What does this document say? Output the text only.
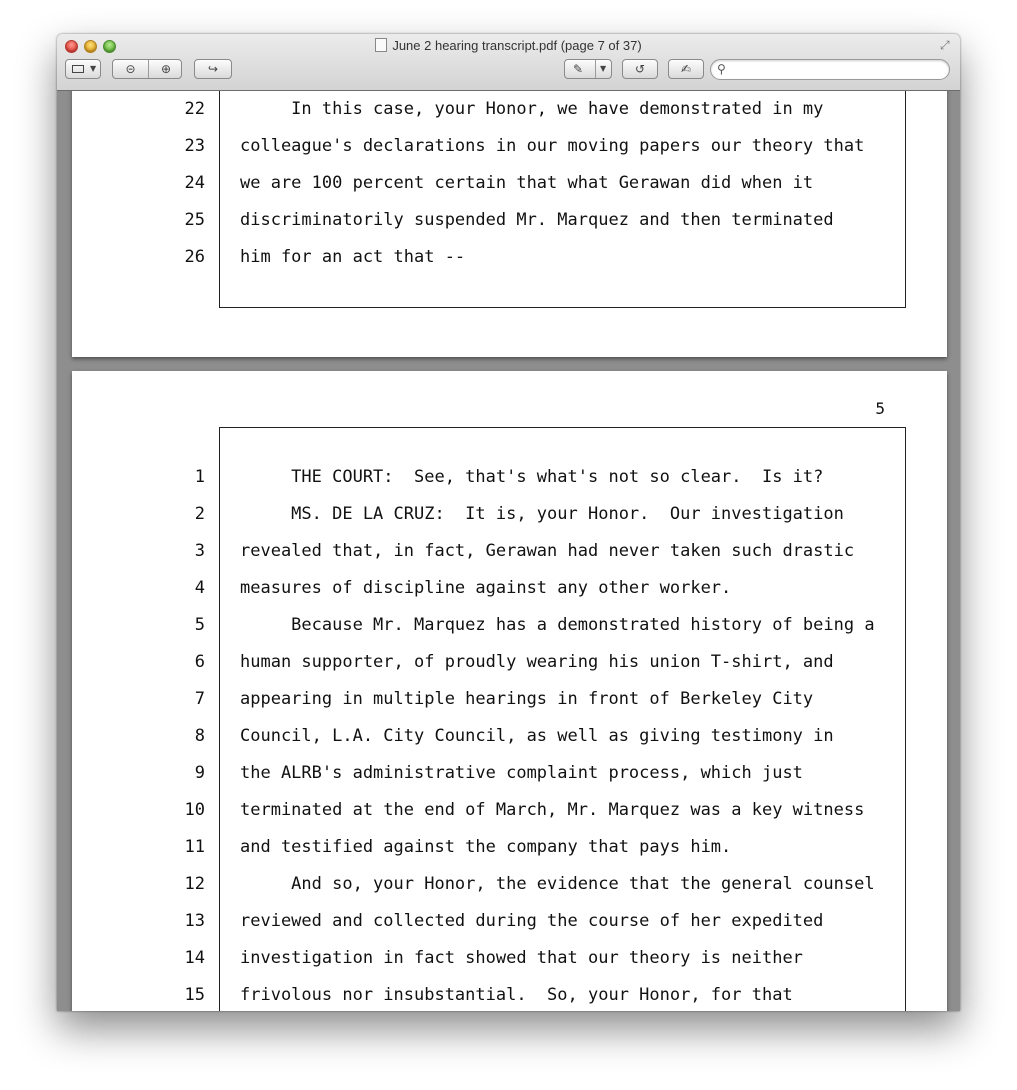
June 2 hearing transcript.pdf (page 7 of 37)	⤢
▼	⊝	⊕	↪	✎ ▼	↺	✍	⚲
22 In this case, your Honor, we have demonstrated in my
23 colleague's declarations in our moving papers our theory that
24 we are 100 percent certain that what Gerawan did when it
25 discriminatorily suspended Mr. Marquez and then terminated
26 him for an act that --
5
1 THE COURT:  See, that's what's not so clear.  Is it?
2 MS. DE LA CRUZ:  It is, your Honor.  Our investigation
3 revealed that, in fact, Gerawan had never taken such drastic
4 measures of discipline against any other worker.
5 Because Mr. Marquez has a demonstrated history of being a
6 human supporter, of proudly wearing his union T-shirt, and
7 appearing in multiple hearings in front of Berkeley City
8 Council, L.A. City Council, as well as giving testimony in
9 the ALRB's administrative complaint process, which just
10 terminated at the end of March, Mr. Marquez was a key witness
11 and testified against the company that pays him.
12 And so, your Honor, the evidence that the general counsel
13 reviewed and collected during the course of her expedited
14 investigation in fact showed that our theory is neither
15 frivolous nor insubstantial.  So, your Honor, for that
